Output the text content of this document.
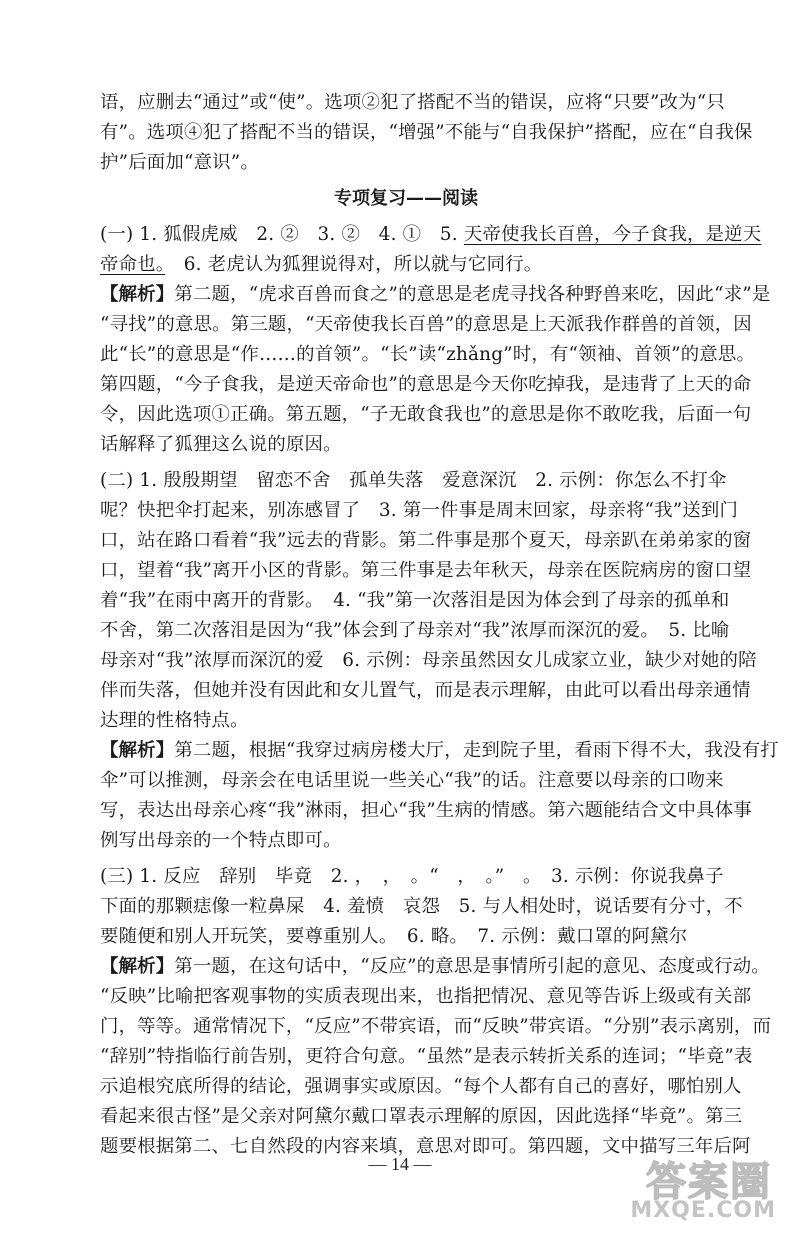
语，应删去“通过”或“使”。选项②犯了搭配不当的错误，应将“只要”改为“只
有”。选项④犯了搭配不当的错误，“增强”不能与“自我保护”搭配，应在“自我保
护”后面加“意识”。
专项复习——阅读
(一) 1. 狐假虎威　2. ②　3. ②　4. ①　5. 天帝使我长百兽，今子食我，是逆天
帝命也。　6. 老虎认为狐狸说得对，所以就与它同行。
【解析】第二题，“虎求百兽而食之”的意思是老虎寻找各种野兽来吃，因此“求”是
“寻找”的意思。第三题，“天帝使我长百兽”的意思是上天派我作群兽的首领，因
此“长”的意思是“作……的首领”。“长”读“zhǎng”时，有“领袖、首领”的意思。
第四题，“今子食我，是逆天帝命也”的意思是今天你吃掉我，是违背了上天的命
令，因此选项①正确。第五题，“子无敢食我也”的意思是你不敢吃我，后面一句
话解释了狐狸这么说的原因。
(二) 1. 殷殷期望　留恋不舍　孤单失落　爱意深沉　2. 示例：你怎么不打伞
呢？快把伞打起来，别冻感冒了　3. 第一件事是周末回家，母亲将“我”送到门
口，站在路口看着“我”远去的背影。第二件事是那个夏天，母亲趴在弟弟家的窗
口，望着“我”离开小区的背影。第三件事是去年秋天，母亲在医院病房的窗口望
着“我”在雨中离开的背影。　4. “我”第一次落泪是因为体会到了母亲的孤单和
不舍，第二次落泪是因为“我”体会到了母亲对“我”浓厚而深沉的爱。　5. 比喻
母亲对“我”浓厚而深沉的爱　6. 示例：母亲虽然因女儿成家立业，缺少对她的陪
伴而失落，但她并没有因此和女儿置气，而是表示理解，由此可以看出母亲通情
达理的性格特点。
【解析】第二题，根据“我穿过病房楼大厅，走到院子里，看雨下得不大，我没有打
伞”可以推测，母亲会在电话里说一些关心“我”的话。注意要以母亲的口吻来
写，表达出母亲心疼“我”淋雨，担心“我”生病的情感。第六题能结合文中具体事
例写出母亲的一个特点即可。
(三) 1. 反应　辞别　毕竟　2. ，　，　。“　，　。”　。　3. 示例：你说我鼻子
下面的那颗痣像一粒鼻屎　4. 羞愤　哀怨　5. 与人相处时，说话要有分寸，不
要随便和别人开玩笑，要尊重别人。　6. 略。　7. 示例：戴口罩的阿黛尔
【解析】第一题，在这句话中，“反应”的意思是事情所引起的意见、态度或行动。
“反映”比喻把客观事物的实质表现出来，也指把情况、意见等告诉上级或有关部
门，等等。通常情况下，“反应”不带宾语，而“反映”带宾语。“分别”表示离别，而
“辞别”特指临行前告别，更符合句意。“虽然”是表示转折关系的连词；“毕竟”表
示追根究底所得的结论，强调事实或原因。“每个人都有自己的喜好，哪怕别人
看起来很古怪”是父亲对阿黛尔戴口罩表示理解的原因，因此选择“毕竟”。第三
题要根据第二、七自然段的内容来填，意思对即可。第四题，文中描写三年后阿
— 14 —	答案圈
MXQE.COM
